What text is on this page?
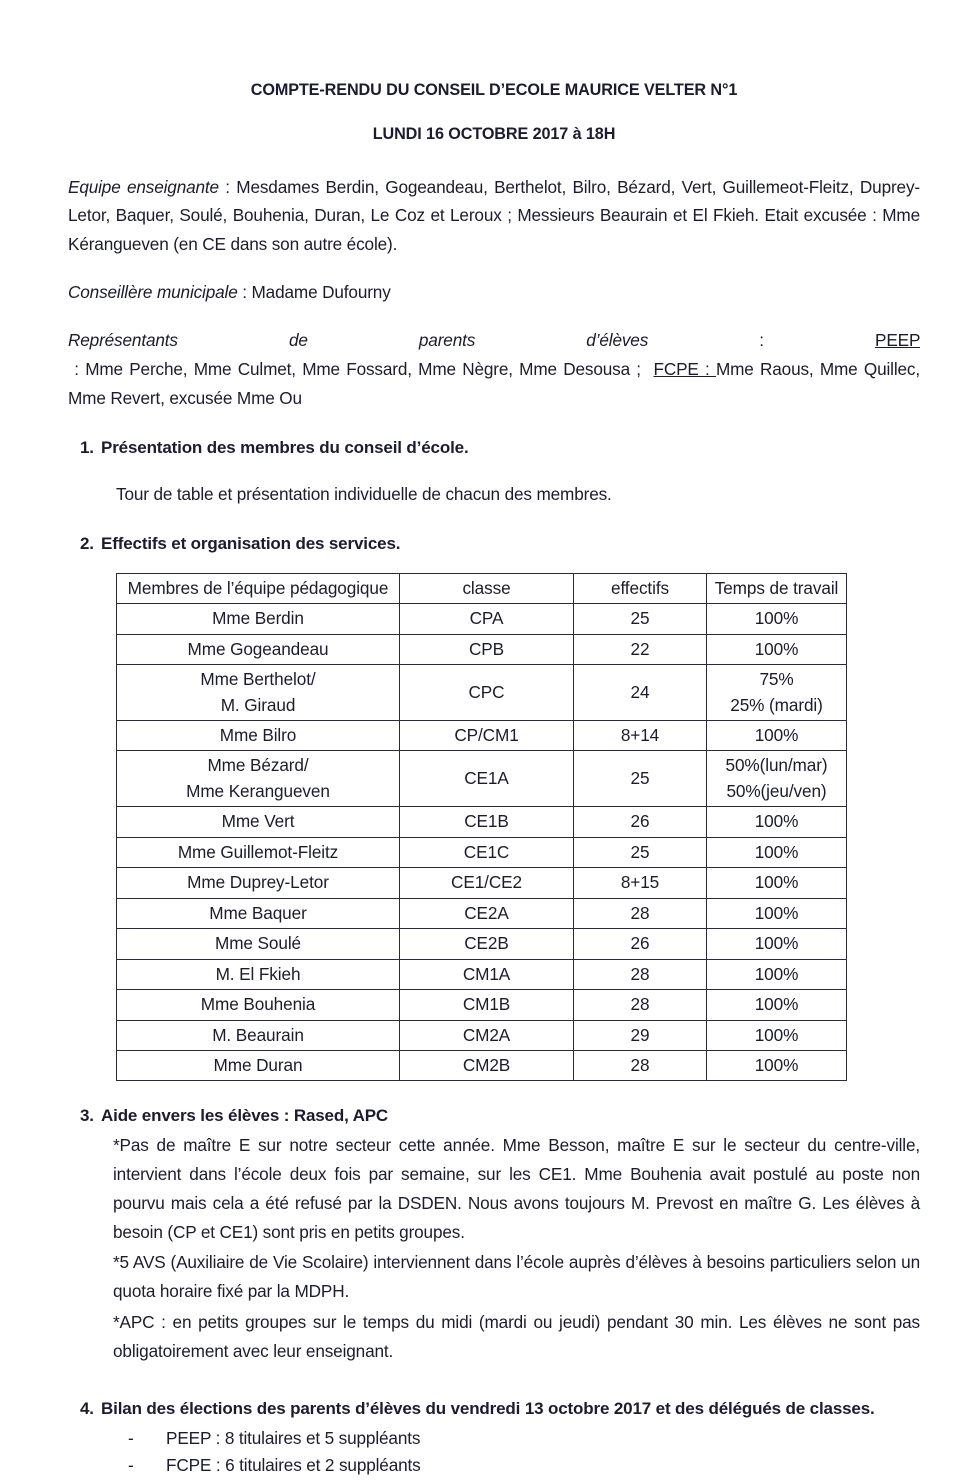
COMPTE-RENDU DU CONSEIL D’ECOLE MAURICE VELTER N°1
LUNDI 16 OCTOBRE 2017 à 18H

Equipe enseignante : Mesdames Berdin, Gogeandeau, Berthelot, Bilro, Bézard, Vert, Guillemeot-Fleitz, Duprey-Letor, Baquer, Soulé, Bouhenia, Duran, Le Coz et Leroux ; Messieurs Beaurain et El Fkieh. Etait excusée : Mme Kérangueven (en CE dans son autre école).

Conseillère municipale : Madame Dufourny

Représentants de parents d’élèves : PEEP : Mme Perche, Mme Culmet, Mme Fossard, Mme Nègre, Mme Desousa ;  FCPE : Mme Raous, Mme Quillec, Mme Revert, excusée Mme Ou

1. Présentation des membres du conseil d’école.
Tour de table et présentation individuelle de chacun des membres.
2. Effectifs et organisation des services.
Membres de l’équipe pédagogique	classe	effectifs	Temps de travail
Mme Berdin	CPA	25	100%
Mme Gogeandeau	CPB	22	100%
Mme Berthelot/
M. Giraud	CPC	24	75%
25% (mardi)
Mme Bilro	CP/CM1	8+14	100%
Mme Bézard/
Mme Kerangueven	CE1A	25	50%(lun/mar)
50%(jeu/ven)
Mme Vert	CE1B	26	100%
Mme Guillemot-Fleitz	CE1C	25	100%
Mme Duprey-Letor	CE1/CE2	8+15	100%
Mme Baquer	CE2A	28	100%
Mme Soulé	CE2B	26	100%
M. El Fkieh	CM1A	28	100%
Mme Bouhenia	CM1B	28	100%
M. Beaurain	CM2A	29	100%
Mme Duran	CM2B	28	100%
3. Aide envers les élèves : Rased, APC
*Pas de maître E sur notre secteur cette année. Mme Besson, maître E sur le secteur du centre-ville, intervient dans l’école deux fois par semaine, sur les CE1. Mme Bouhenia avait postulé au poste non pourvu mais cela a été refusé par la DSDEN. Nous avons toujours M. Prevost en maître G. Les élèves à besoin (CP et CE1) sont pris en petits groupes.
*5 AVS (Auxiliaire de Vie Scolaire) interviennent dans l’école auprès d’élèves à besoins particuliers selon un quota horaire fixé par la MDPH.
*APC : en petits groupes sur le temps du midi (mardi ou jeudi) pendant 30 min. Les élèves ne sont pas obligatoirement avec leur enseignant.
4. Bilan des élections des parents d’élèves du vendredi 13 octobre 2017 et des délégués de classes.
-	PEEP : 8 titulaires et 5 suppléants
-	FCPE : 6 titulaires et 2 suppléants
